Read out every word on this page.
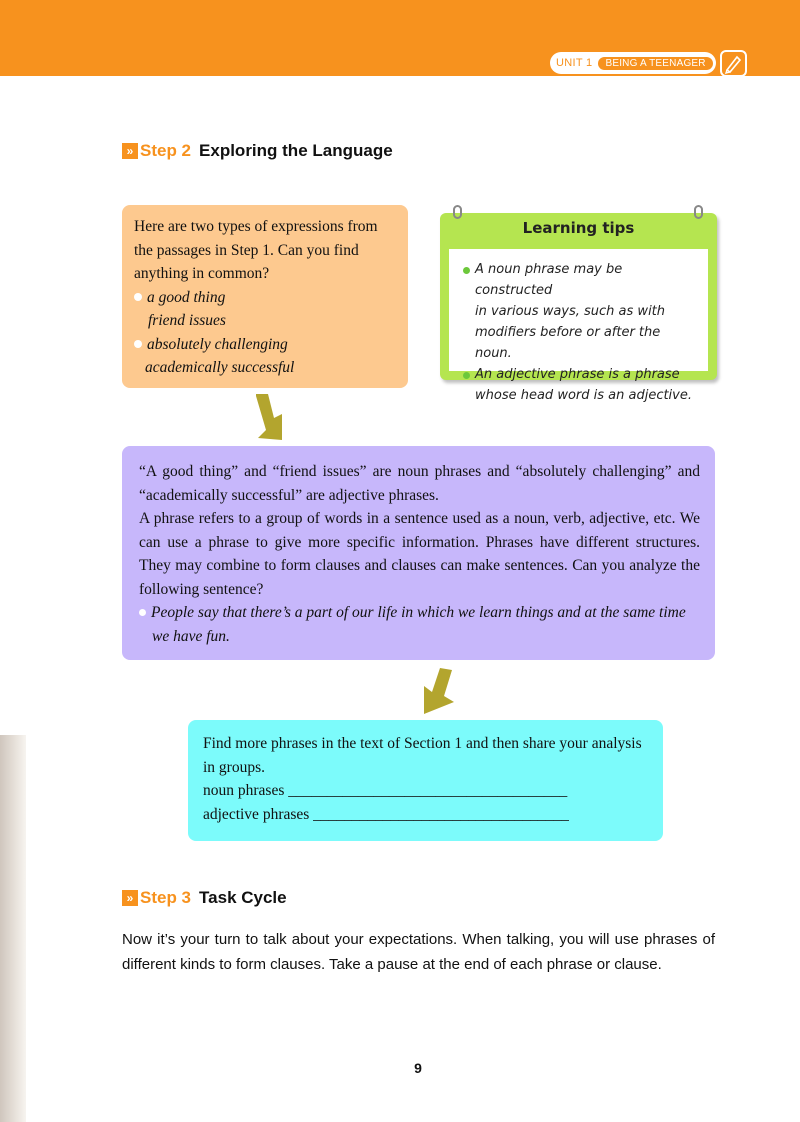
UNIT 1	BEING A TEENAGER
» Step 2 Exploring the Language
Here are two types of expressions from
the passages in Step 1. Can you find
anything in common?
a good thing
friend issues
absolutely challenging
academically successful
Learning tips
A noun phrase may be constructed
in various ways, such as with
modifiers before or after the noun.
An adjective phrase is a phrase
whose head word is an adjective.

“A good thing” and “friend issues” are noun phrases and “absolutely challenging” and “academically successful” are adjective phrases.

A phrase refers to a group of words in a sentence used as a noun, verb, adjective, etc. We can use a phrase to give more specific information. Phrases have different structures. They may combine to form clauses and clauses can make sentences. Can you analyze the following sentence?

People say that there’s a part of our life in which we learn things and at the same time
we have fun.

Find more phrases in the text of Section 1 and then share your analysis

in groups.

noun phrases ____________________________________

adjective phrases _________________________________

» Step 3 Task Cycle
Now it’s your turn to talk about your expectations. When talking, you will use phrases of different kinds to form clauses. Take a pause at the end of each phrase or clause.
9
